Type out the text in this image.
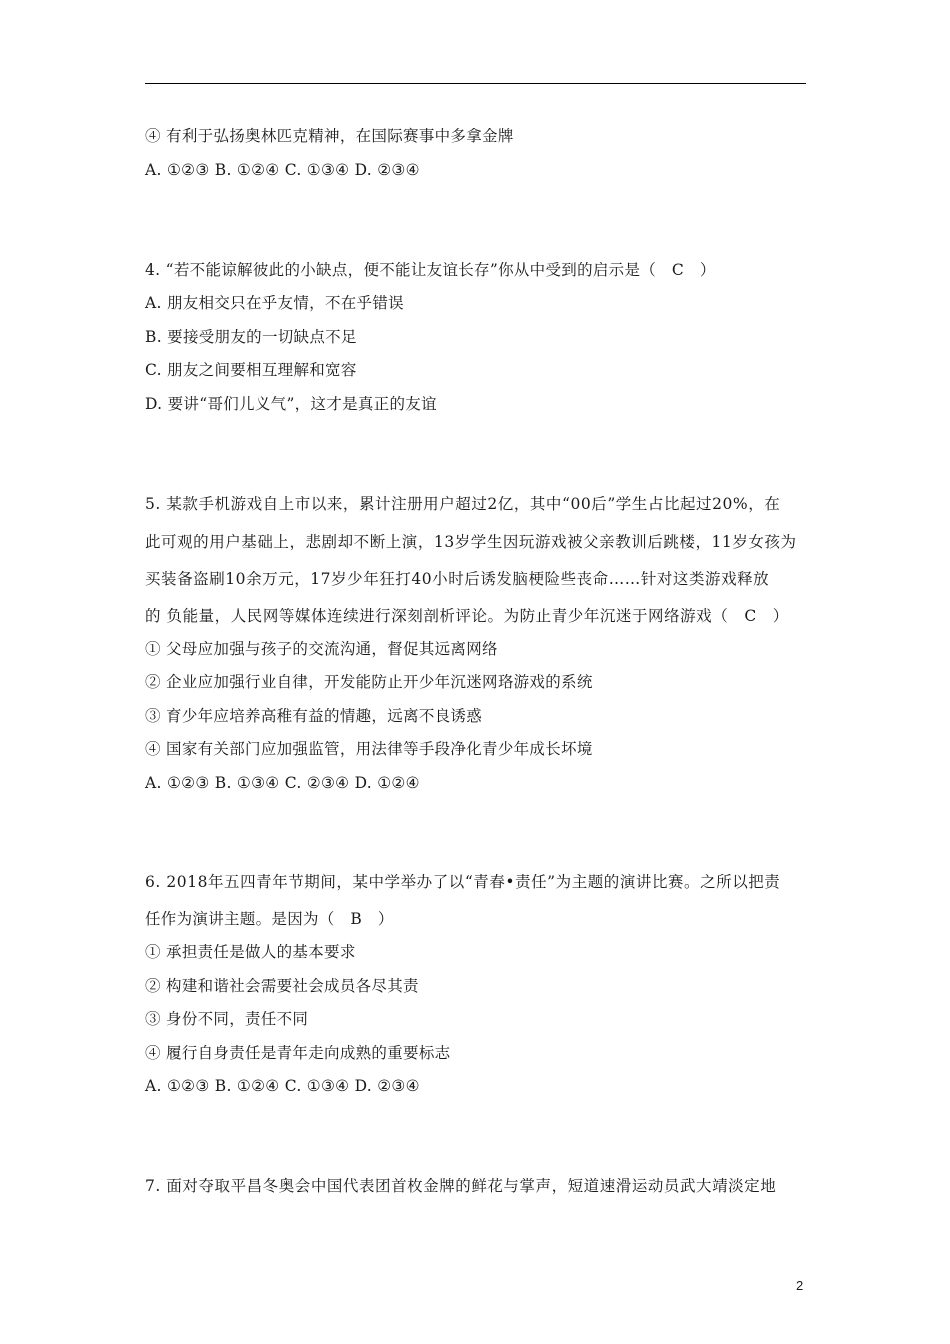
④ 有利于弘扬奥林匹克精神，在国际赛事中多拿金牌
A. ①②③ B. ①②④ C. ①③④ D. ②③④
4. “若不能谅解彼此的小缺点，便不能让友谊长存”你从中受到的启示是（　C　）
A. 朋友相交只在乎友情，不在乎错误
B. 要接受朋友的一切缺点不足
C. 朋友之间要相互理解和宽容
D. 要讲“哥们儿义气”，这才是真正的友谊
5. 某款手机游戏自上市以来，累计注册用户超过2亿，其中“00后”学生占比起过20%，在
此可观的用户基础上，悲剧却不断上演，13岁学生因玩游戏被父亲教训后跳楼，11岁女孩为
买装备盗刷10余万元，17岁少年狂打40小时后诱发脑梗险些丧命……针对这类游戏释放
的 负能量，人民网等媒体连续进行深刻剖析评论。为防止青少年沉迷于网络游戏（　C　）
① 父母应加强与孩子的交流沟通，督促其远离网络
② 企业应加强行业自律，开发能防止开少年沉迷网珞游戏的系统
③ 育少年应培养高稚有益的情趣，远离不良诱惑
④ 国家有关部门应加强监管，用法律等手段净化青少年成长坏境
A. ①②③ B. ①③④ C. ②③④ D. ①②④
6. 2018年五四青年节期间，某中学举办了以“青春•责任”为主题的演讲比赛。之所以把责
任作为演讲主题。是因为（　B　）
① 承担责任是做人的基本要求
② 构建和谐社会需要社会成员各尽其责
③ 身份不同，责任不同
④ 履行自身责任是青年走向成熟的重要标志
A. ①②③ B. ①②④ C. ①③④ D. ②③④
7. 面对夺取平昌冬奥会中国代表团首枚金牌的鲜花与掌声，短道速滑运动员武大靖淡定地
2
